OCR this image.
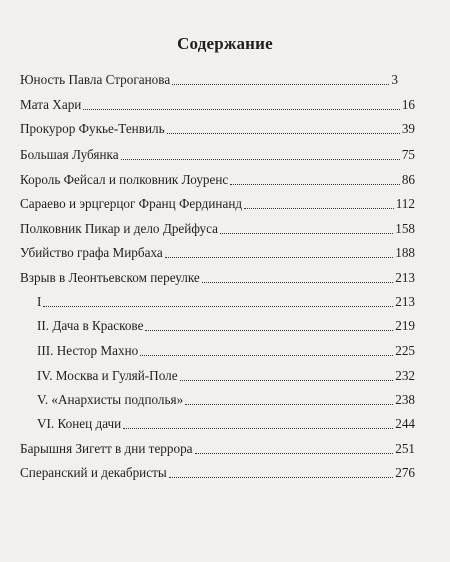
Содержание
Юность Павла Строганова	3
Мата Хари	16
Прокурор Фукье-Тенвиль	39
Большая Лубянка	75
Король Фейсал и полковник Лоуренс	86
Сараево и эрцгерцог Франц Фердинанд	112
Полковник Пикар и дело Дрейфуса	158
Убийство графа Мирбаха	188
Взрыв в Леонтьевском переулке	213
I	213
II. Дача в Краскове	219
III. Нестор Махно	225
IV. Москва и Гуляй-Поле	232
V. «Анархисты подполья»	238
VI. Конец дачи	244
Барышня Зигетт в дни террора	251
Сперанский и декабристы	276
